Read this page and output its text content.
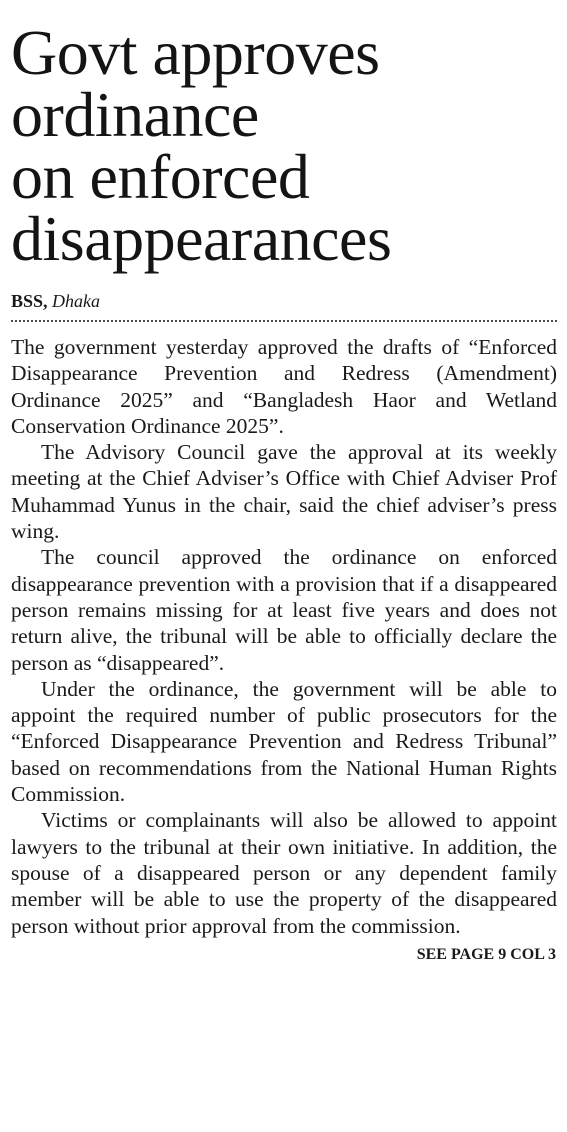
Govt approves
ordinance
on enforced
disappearances
BSS, Dhaka

The government yesterday approved the drafts of “Enforced Disappearance Prevention and Redress (Amendment) Ordinance 2025” and “Bangladesh Haor and Wetland Conservation Ordinance 2025”.

The Advisory Council gave the approval at its weekly meeting at the Chief Adviser’s Office with Chief Adviser Prof Muhammad Yunus in the chair, said the chief adviser’s press wing.

The council approved the ordinance on enforced disappearance prevention with a provision that if a disappeared person remains missing for at least five years and does not return alive, the tribunal will be able to officially declare the person as “disappeared”.

Under the ordinance, the government will be able to appoint the required number of public prosecutors for the “Enforced Disappearance Prevention and Redress Tribunal” based on recommendations from the National Human Rights Commission.

Victims or complainants will also be allowed to appoint lawyers to the tribunal at their own initiative. In addition, the spouse of a disappeared person or any dependent family member will be able to use the property of the disappeared person without prior approval from the commission.

SEE PAGE 9 COL 3
